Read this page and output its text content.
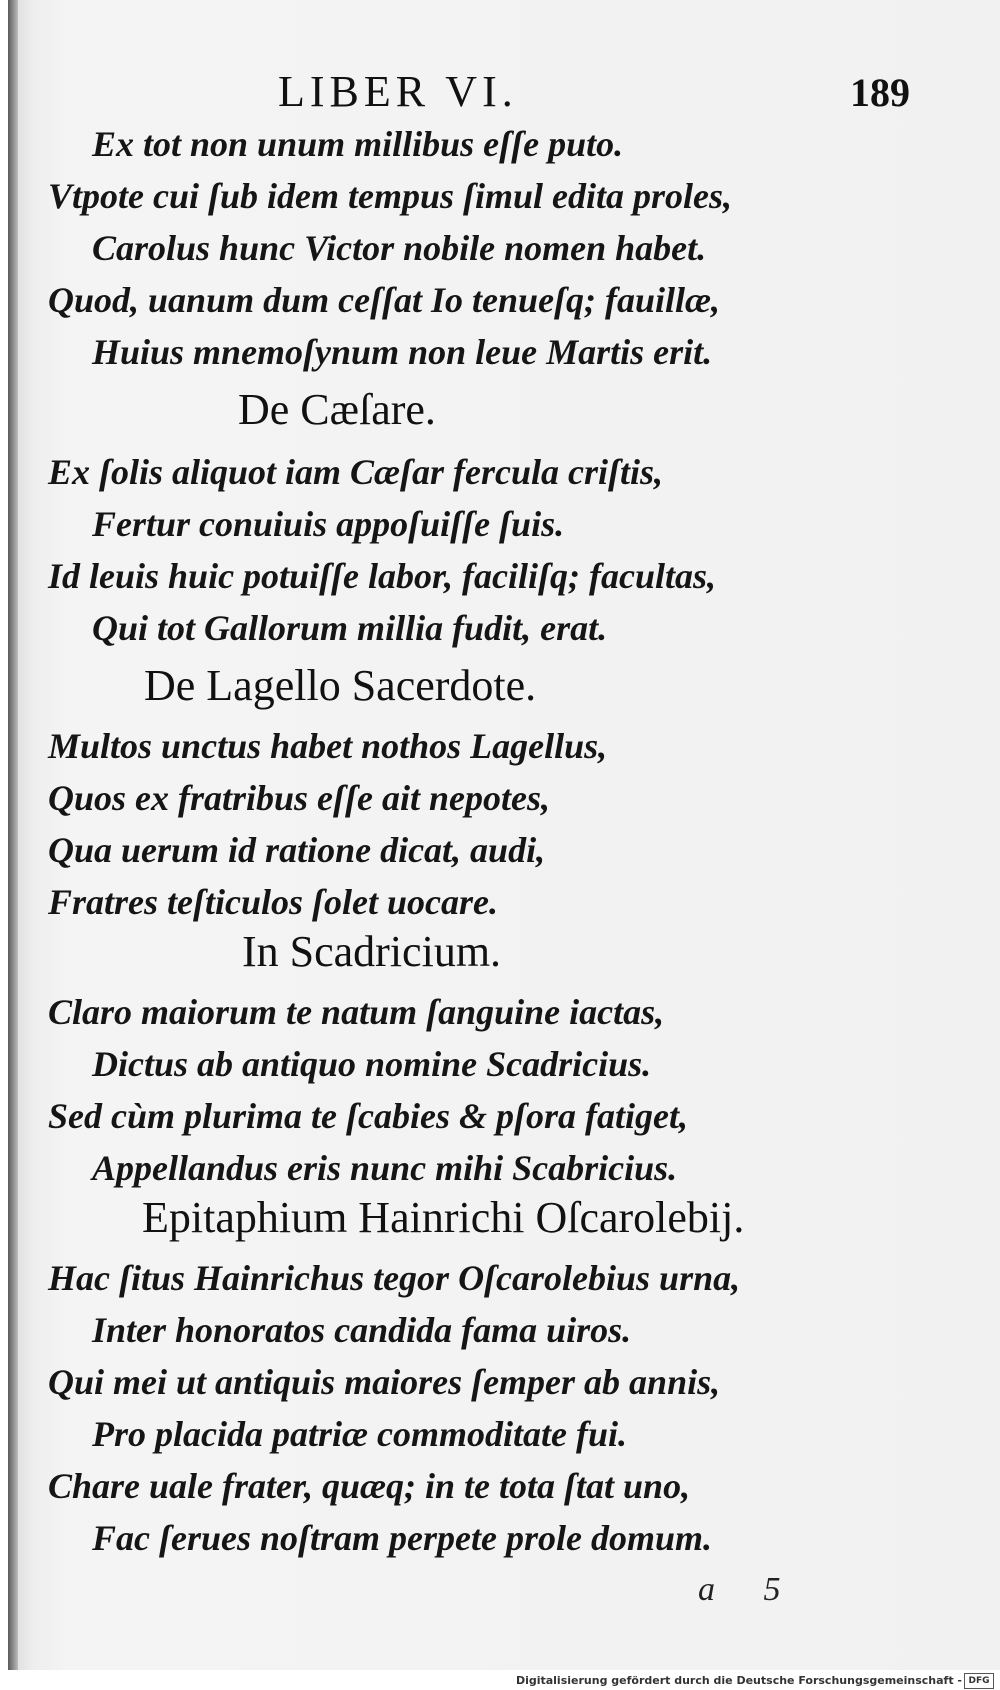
LIBER VI.	189
Ex tot non unum millibus eſſe puto.
Vtpote cui ſub idem tempus ſimul edita proles,
Carolus hunc Victor nobile nomen habet.
Quod, uanum dum ceſſat Io tenueſq; fauillæ,
Huius mnemoſynum non leue Martis erit.
De Cæſare.
Ex ſolis aliquot iam Cæſar fercula criſtis,
Fertur conuiuis appoſuiſſe ſuis.
Id leuis huic potuiſſe labor, faciliſq; facultas,
Qui tot Gallorum millia fudit, erat.
De Lagello Sacerdote.
Multos unctus habet nothos Lagellus,
Quos ex fratribus eſſe ait nepotes,
Qua uerum id ratione dicat, audi,
Fratres teſticulos ſolet uocare.
In Scadricium.
Claro maiorum te natum ſanguine iactas,
Dictus ab antiquo nomine Scadricius.
Sed cùm plurima te ſcabies & pſora fatiget,
Appellandus eris nunc mihi Scabricius.
Epitaphium Hainrichi Oſcarolebij.
Hac ſitus Hainrichus tegor Oſcarolebius urna,
Inter honoratos candida fama uiros.
Qui mei ut antiquis maiores ſemper ab annis,
Pro placida patriæ commoditate fui.
Chare uale frater, quæq; in te tota ſtat uno,
Fac ſerues noſtram perpete prole domum.
a 5
Digitalisierung gefördert durch die Deutsche Forschungsgemeinschaft - DFG
